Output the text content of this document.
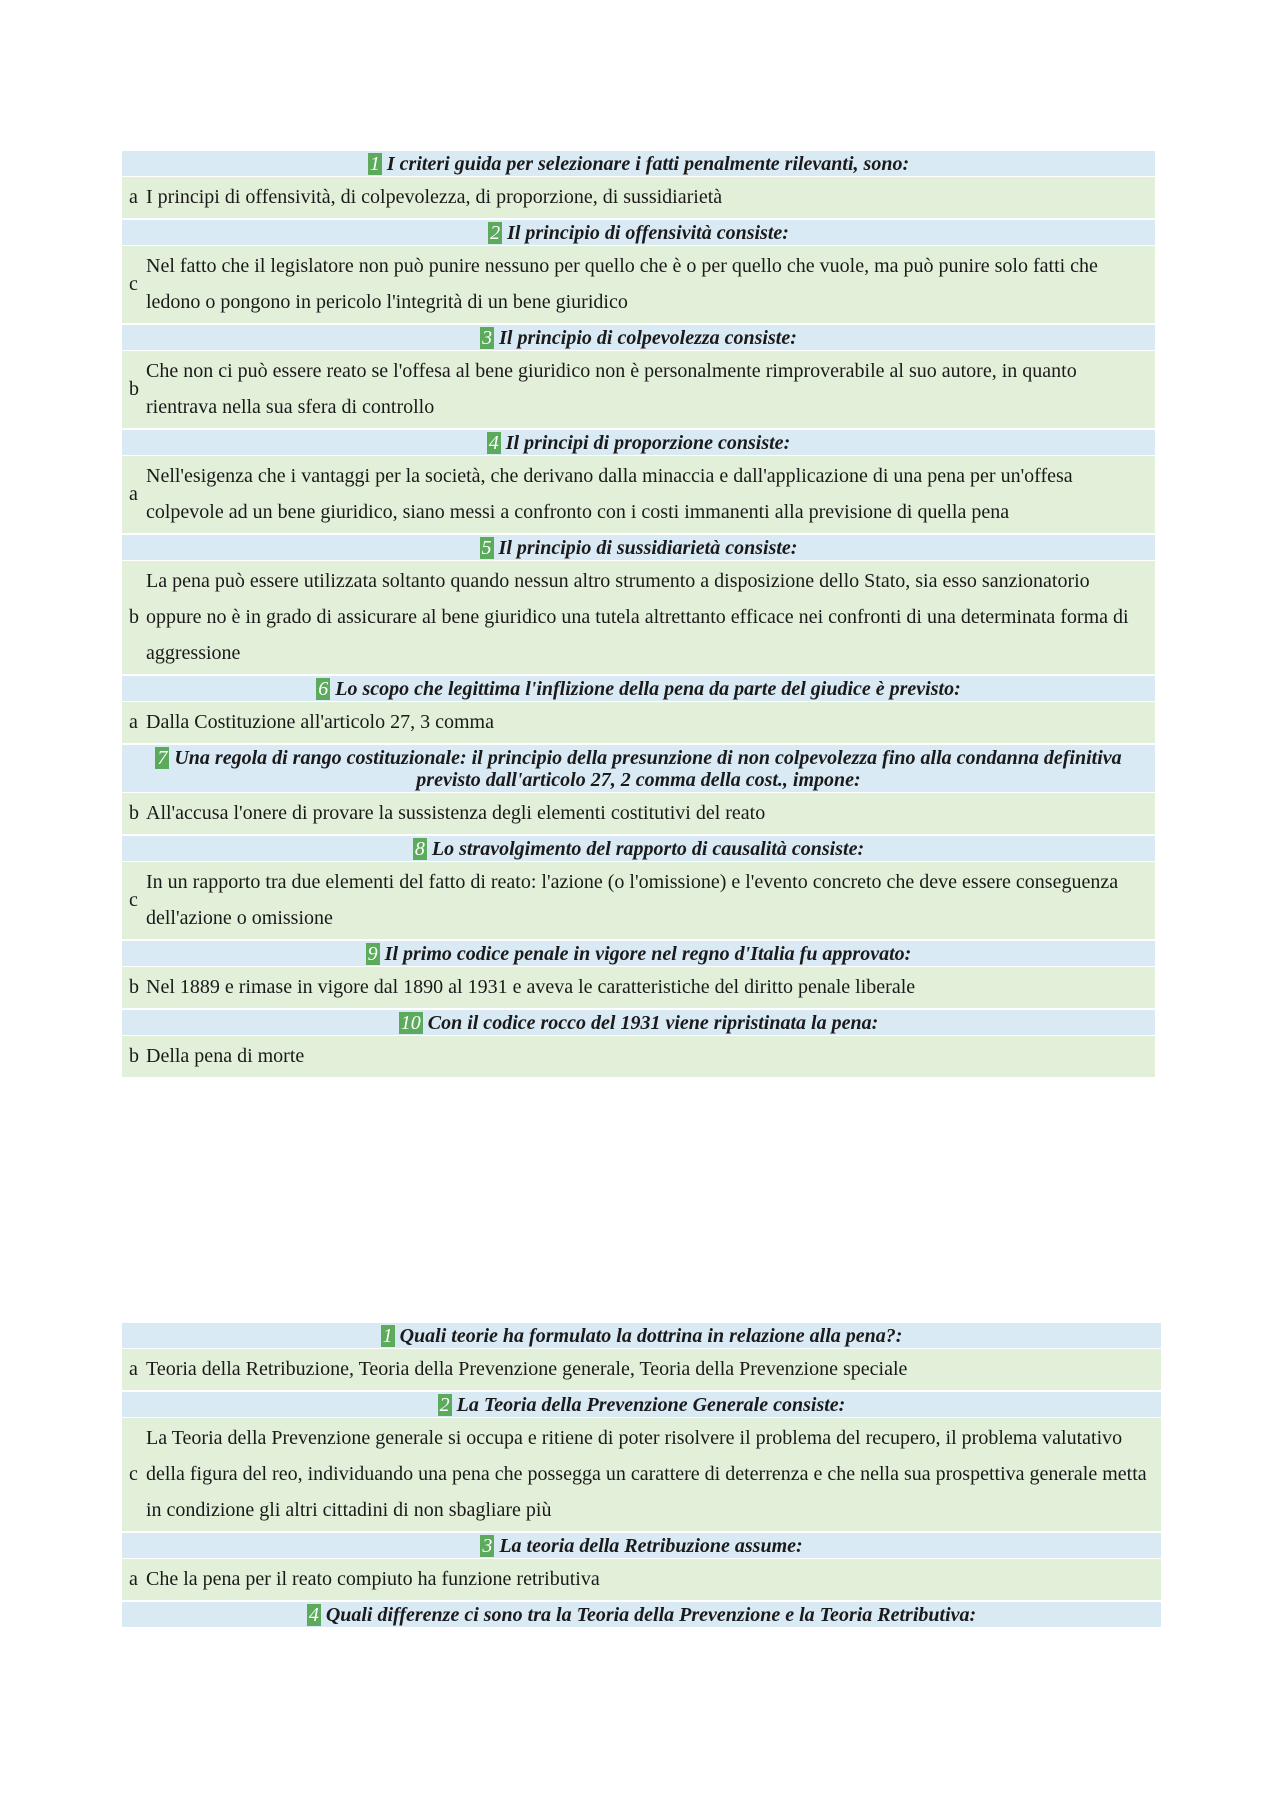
1 I criteri guida per selezionare i fatti penalmente rilevanti, sono:
a I principi di offensività, di colpevolezza, di proporzione, di sussidiarietà
2 Il principio di offensività consiste:
c
Nel fatto che il legislatore non può punire nessuno per quello che è o per quello che vuole, ma può punire solo fatti che ledono o pongono in pericolo l'integrità di un bene giuridico
3 Il principio di colpevolezza consiste:
b
Che non ci può essere reato se l'offesa al bene giuridico non è personalmente rimproverabile al suo autore, in quanto rientrava nella sua sfera di controllo
4 Il principi di proporzione consiste:
a
Nell'esigenza che i vantaggi per la società, che derivano dalla minaccia e dall'applicazione di una pena per un'offesa colpevole ad un bene giuridico, siano messi a confronto con i costi immanenti alla previsione di quella pena
5 Il principio di sussidiarietà consiste:
b
La pena può essere utilizzata soltanto quando nessun altro strumento a disposizione dello Stato, sia esso sanzionatorio oppure no è in grado di assicurare al bene giuridico una tutela altrettanto efficace nei confronti di una determinata forma di aggressione
6 Lo scopo che legittima l'inflizione della pena da parte del giudice è previsto:
a Dalla Costituzione all'articolo 27, 3 comma
7 Una regola di rango costituzionale: il principio della presunzione di non colpevolezza fino alla condanna definitiva previsto dall'articolo 27, 2 comma della cost., impone:
b All'accusa l'onere di provare la sussistenza degli elementi costitutivi del reato
8 Lo stravolgimento del rapporto di causalità consiste:
c
In un rapporto tra due elementi del fatto di reato: l'azione (o l'omissione) e l'evento concreto che deve essere conseguenza dell'azione o omissione
9 Il primo codice penale in vigore nel regno d'Italia fu approvato:
b Nel 1889 e rimase in vigore dal 1890 al 1931 e aveva le caratteristiche del diritto penale liberale
10 Con il codice rocco del 1931 viene ripristinata la pena:
b Della pena di morte
1 Quali teorie ha formulato la dottrina in relazione alla pena?:
a Teoria della Retribuzione, Teoria della Prevenzione generale, Teoria della Prevenzione speciale
2 La Teoria della Prevenzione Generale consiste:
c
La Teoria della Prevenzione generale si occupa e ritiene di poter risolvere il problema del recupero, il problema valutativo della figura del reo, individuando una pena che possegga un carattere di deterrenza e che nella sua prospettiva generale metta in condizione gli altri cittadini di non sbagliare più
3 La teoria della Retribuzione assume:
a Che la pena per il reato compiuto ha funzione retributiva
4 Quali differenze ci sono tra la Teoria della Prevenzione e la Teoria Retributiva:
